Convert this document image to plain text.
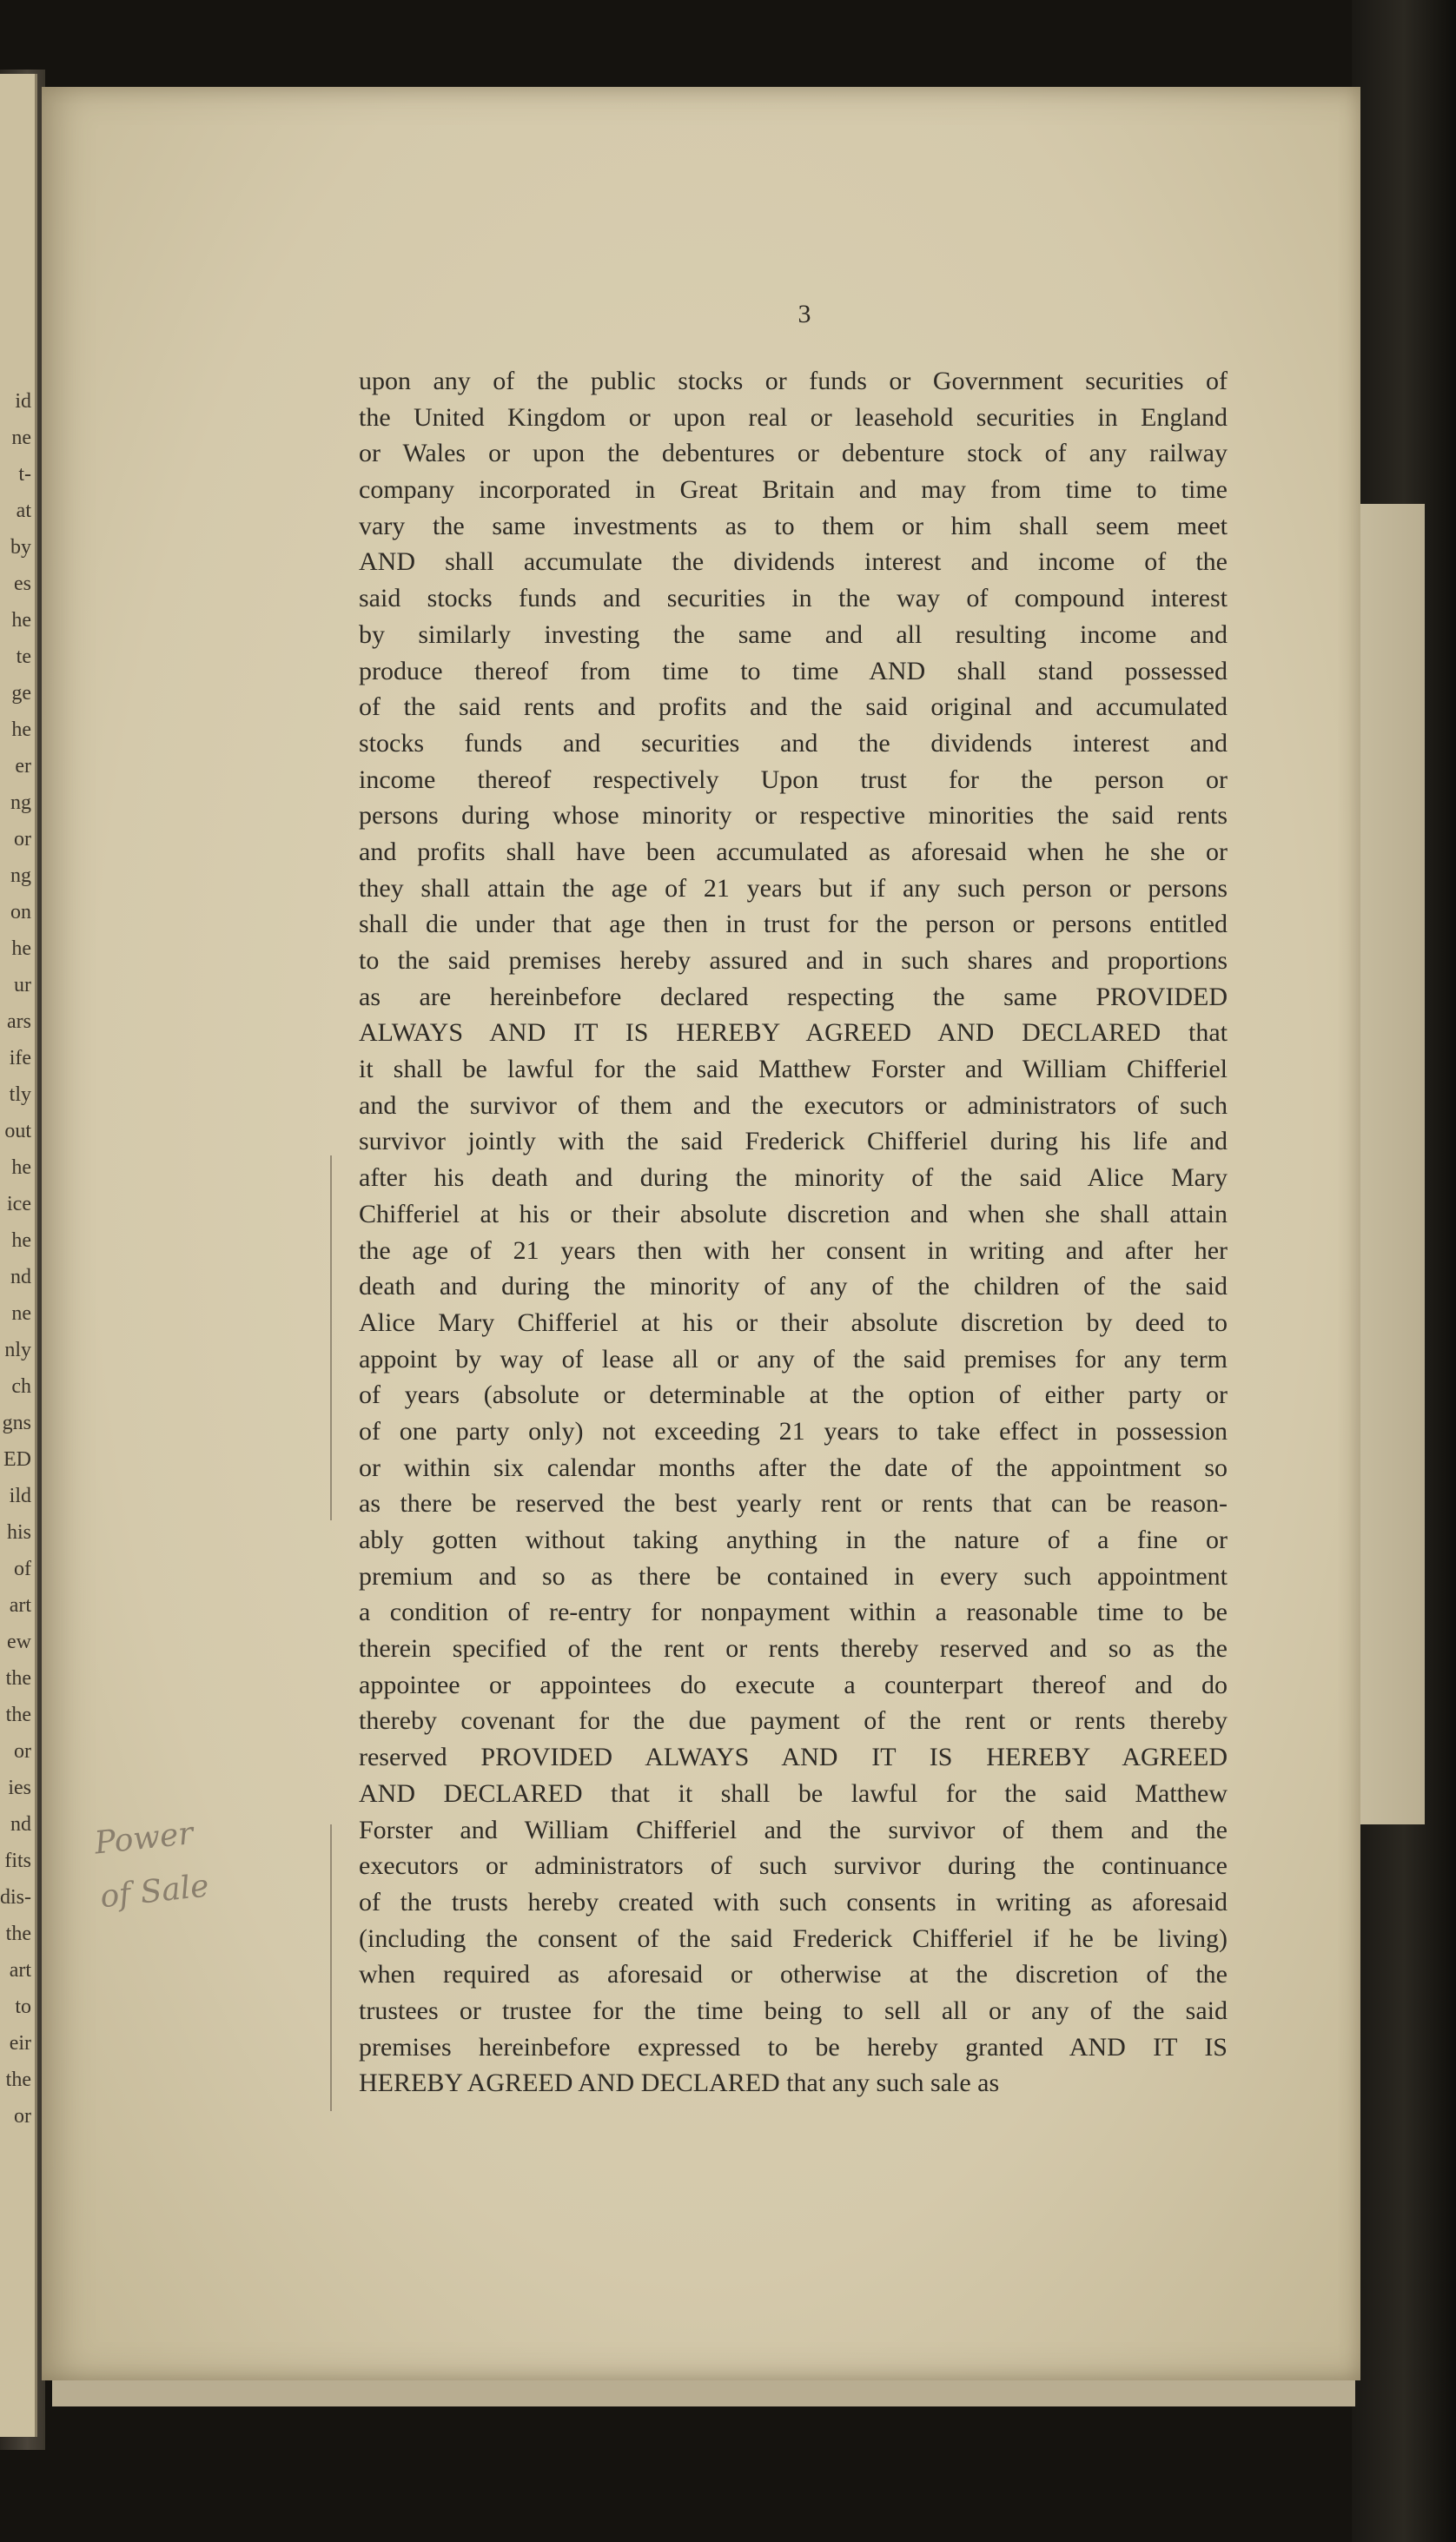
id
ne
t-
at
by
es
he
te
ge
he
er
ng
or
ng
on
he
ur
ars
ife
tly
out
he
ice
he
nd
ne
nly
ch
gns
ED
ild
his
of
art
ew
the
the
or
ies
nd
fits
dis-
the
art
to
eir
the
or
3
upon any of the public stocks or funds or Government securities of
the United Kingdom or upon real or leasehold securities in England
or Wales or upon the debentures or debenture stock of any railway
company incorporated in Great Britain and may from time to time
vary the same investments as to them or him shall seem meet
AND shall accumulate the dividends interest and income of the
said stocks funds and securities in the way of compound interest
by similarly investing the same and all resulting income and
produce thereof from time to time AND shall stand possessed
of the said rents and profits and the said original and accumulated
stocks funds and securities and the dividends interest and
income thereof respectively Upon trust for the person or
persons during whose minority or respective minorities the said rents
and profits shall have been accumulated as aforesaid when he she or
they shall attain the age of 21 years but if any such person or persons
shall die under that age then in trust for the person or persons entitled
to the said premises hereby assured and in such shares and proportions
as are hereinbefore declared respecting the same PROVIDED
ALWAYS AND IT IS HEREBY AGREED AND DECLARED that
it shall be lawful for the said Matthew Forster and William Chifferiel
and the survivor of them and the executors or administrators of such
survivor jointly with the said Frederick Chifferiel during his life and
after his death and during the minority of the said Alice Mary
Chifferiel at his or their absolute discretion and when she shall attain
the age of 21 years then with her consent in writing and after her
death and during the minority of any of the children of the said
Alice Mary Chifferiel at his or their absolute discretion by deed to
appoint by way of lease all or any of the said premises for any term
of years (absolute or determinable at the option of either party or
of one party only) not exceeding 21 years to take effect in possession
or within six calendar months after the date of the appointment so
as there be reserved the best yearly rent or rents that can be reason-
ably gotten without taking anything in the nature of a fine or
premium and so as there be contained in every such appointment
a condition of re-entry for nonpayment within a reasonable time to be
therein specified of the rent or rents thereby reserved and so as the
appointee or appointees do execute a counterpart thereof and do
thereby covenant for the due payment of the rent or rents thereby
reserved PROVIDED ALWAYS AND IT IS HEREBY AGREED
AND DECLARED that it shall be lawful for the said Matthew
Forster and William Chifferiel and the survivor of them and the
executors or administrators of such survivor during the continuance
of the trusts hereby created with such consents in writing as aforesaid
(including the consent of the said Frederick Chifferiel if he be living)
when required as aforesaid or otherwise at the discretion of the
trustees or trustee for the time being to sell all or any of the said
premises hereinbefore expressed to be hereby granted AND IT IS
HEREBY AGREED AND DECLARED that any such sale as
Power
of Sale
